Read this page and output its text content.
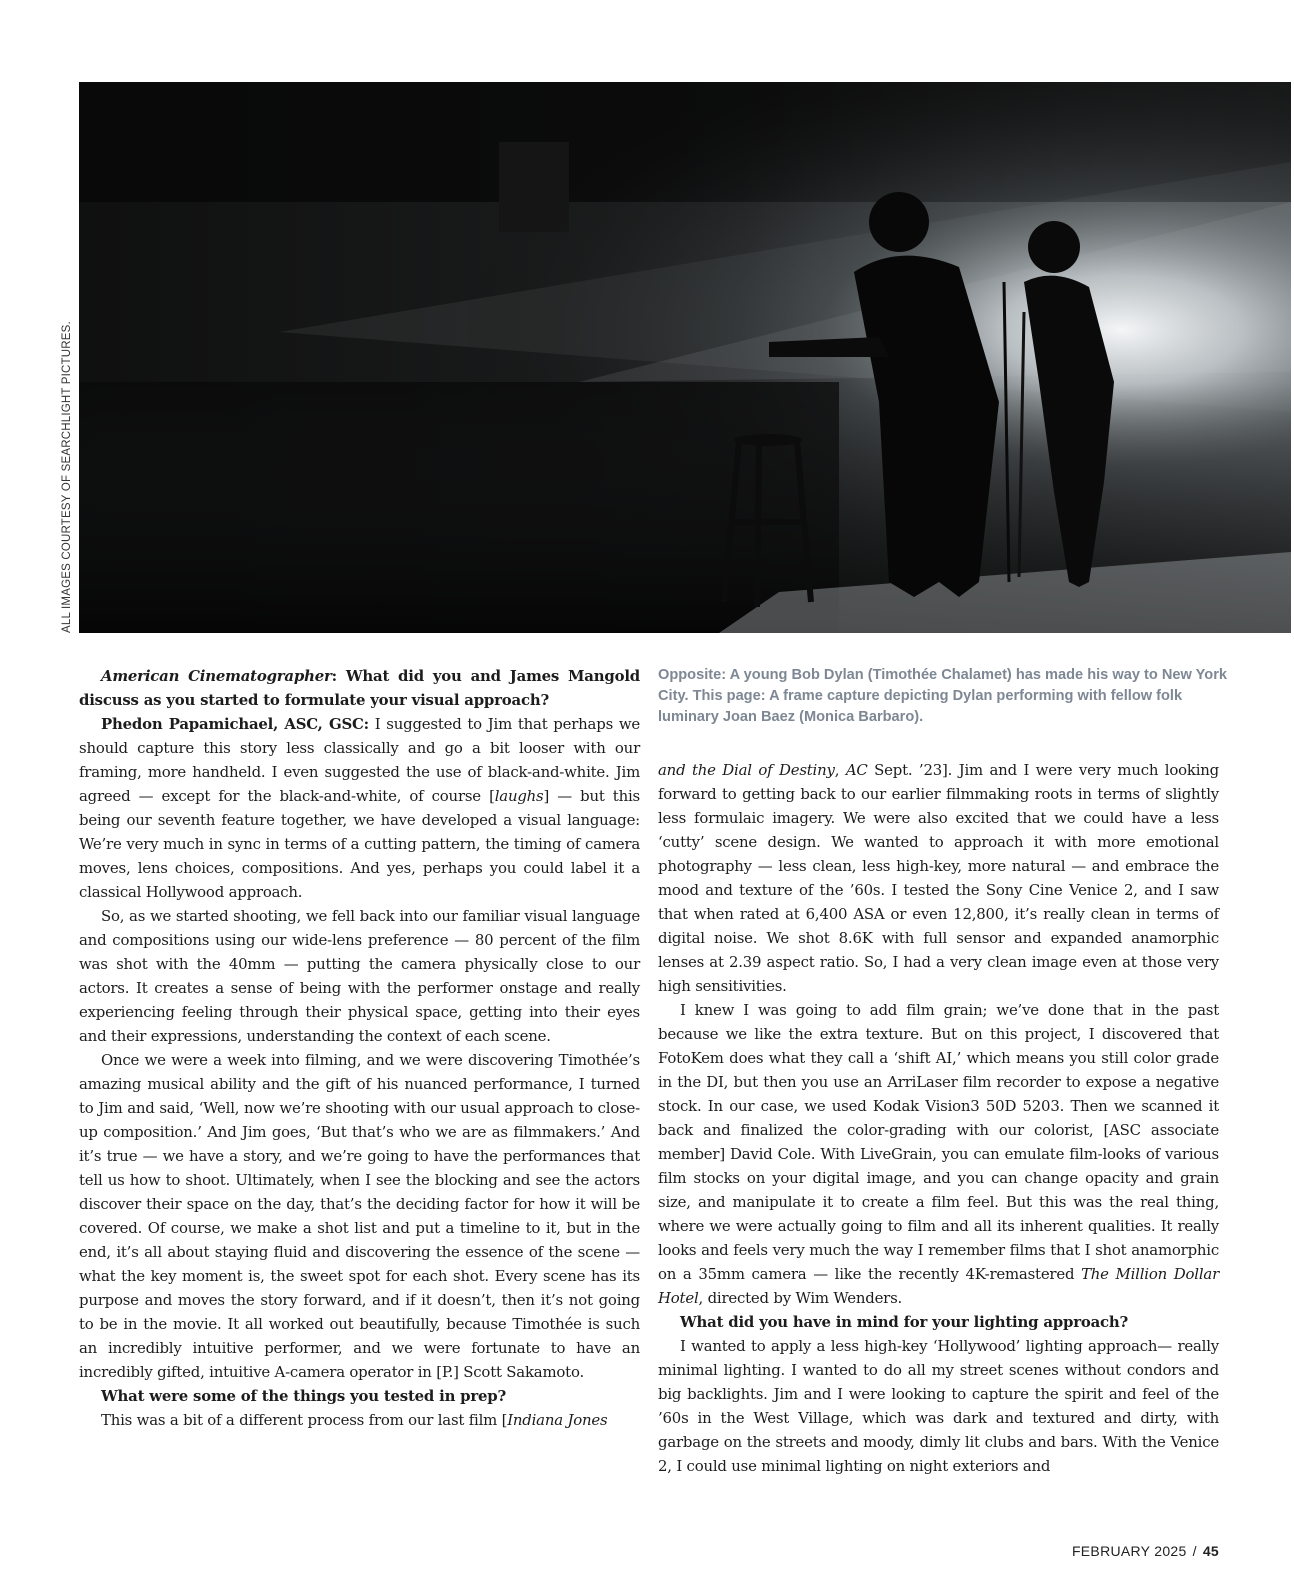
ALL IMAGES COURTESY OF SEARCHLIGHT PICTURES.

American Cinematographer: What did you and James Mangold discuss as you started to formulate your visual approach?

Phedon Papamichael, ASC, GSC: I suggested to Jim that perhaps we should capture this story less classically and go a bit looser with our framing, more handheld. I even suggested the use of black-and-white. Jim agreed — except for the black-and-white, of course [laughs] — but this being our seventh feature together, we have developed a visual language: We’re very much in sync in terms of a cutting pattern, the timing of camera moves, lens choices, compositions. And yes, perhaps you could label it a classical Hollywood approach.

So, as we started shooting, we fell back into our familiar visual language and compositions using our wide-lens preference — 80 percent of the film was shot with the 40mm — putting the camera physically close to our actors. It creates a sense of being with the performer onstage and really experiencing feeling through their physical space, getting into their eyes and their expressions, understanding the context of each scene.

Once we were a week into filming, and we were discovering Timothée’s amazing musical ability and the gift of his nuanced performance, I turned to Jim and said, ‘Well, now we’re shooting with our usual approach to close-up composition.’ And Jim goes, ‘But that’s who we are as filmmakers.’ And it’s true — we have a story, and we’re going to have the performances that tell us how to shoot. Ultimately, when I see the blocking and see the actors discover their space on the day, that’s the deciding factor for how it will be covered. Of course, we make a shot list and put a timeline to it, but in the end, it’s all about staying fluid and discovering the essence of the scene — what the key moment is, the sweet spot for each shot. Every scene has its purpose and moves the story forward, and if it doesn’t, then it’s not going to be in the movie. It all worked out beautifully, because Timothée is such an incredibly intuitive performer, and we were fortunate to have an incredibly gifted, intuitive A-camera operator in [P.] Scott Sakamoto.

What were some of the things you tested in prep?

This was a bit of a different process from our last film [Indiana Jones

Opposite: A young Bob Dylan (Timothée Chalamet) has made his way to New York City. This page: A frame capture depicting Dylan performing with fellow folk luminary Joan Baez (Monica Barbaro).

and the Dial of Destiny, AC Sept. ’23]. Jim and I were very much looking forward to getting back to our earlier filmmaking roots in terms of slightly less formulaic imagery. We were also excited that we could have a less ‘cutty’ scene design. We wanted to approach it with more emotional photography — less clean, less high-key, more natural — and embrace the mood and texture of the ’60s. I tested the Sony Cine Venice 2, and I saw that when rated at 6,400 ASA or even 12,800, it’s really clean in terms of digital noise. We shot 8.6K with full sensor and expanded anamorphic lenses at 2.39 aspect ratio. So, I had a very clean image even at those very high sensitivities.

I knew I was going to add film grain; we’ve done that in the past because we like the extra texture. But on this project, I discovered that FotoKem does what they call a ‘shift AI,’ which means you still color grade in the DI, but then you use an ArriLaser film recorder to expose a negative stock. In our case, we used Kodak Vision3 50D 5203. Then we scanned it back and finalized the color-grading with our colorist, [ASC associate member] David Cole. With LiveGrain, you can emulate film-looks of various film stocks on your digital image, and you can change opacity and grain size, and manipulate it to create a film feel. But this was the real thing, where we were actually going to film and all its inherent qualities. It really looks and feels very much the way I remember films that I shot anamorphic on a 35mm camera — like the recently 4K-remastered The Million Dollar Hotel, directed by Wim Wenders.

What did you have in mind for your lighting approach?

I wanted to apply a less high-key ‘Hollywood’ lighting approach— really minimal lighting. I wanted to do all my street scenes without condors and big backlights. Jim and I were looking to capture the spirit and feel of the ’60s in the West Village, which was dark and textured and dirty, with garbage on the streets and moody, dimly lit clubs and bars. With the Venice 2, I could use minimal lighting on night exteriors and

FEBRUARY 2025 / 45
